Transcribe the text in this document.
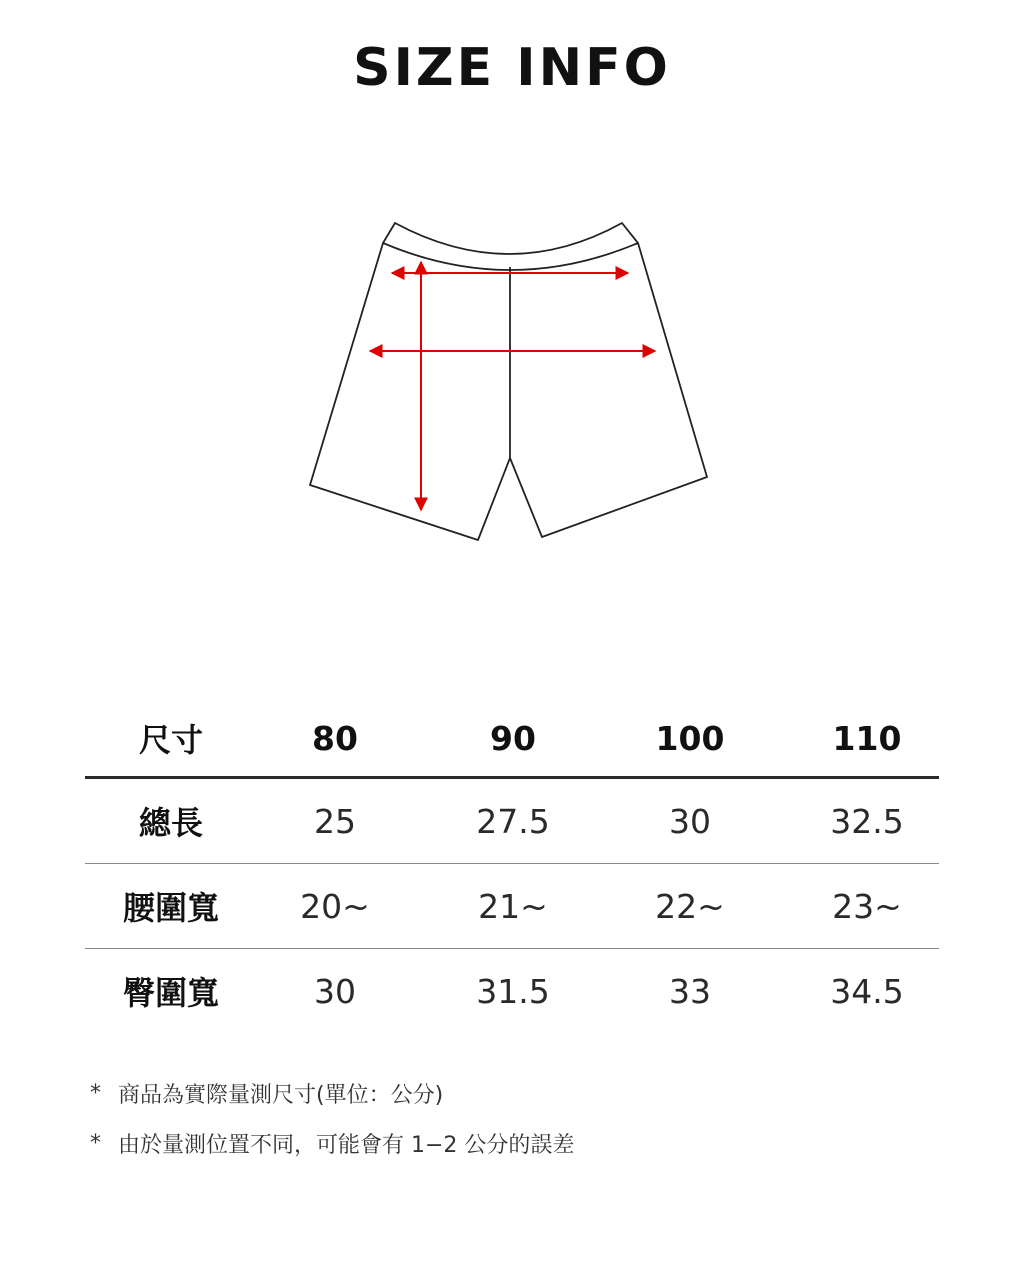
SIZE INFO
尺寸	80	90	100	110
總長	25	27.5	30	32.5
腰圍寬	20~	21~	22~	23~
臀圍寬	30	31.5	33	34.5
* 商品為實際量測尺寸(單位：公分)
* 由於量測位置不同，可能會有 1−2 公分的誤差
